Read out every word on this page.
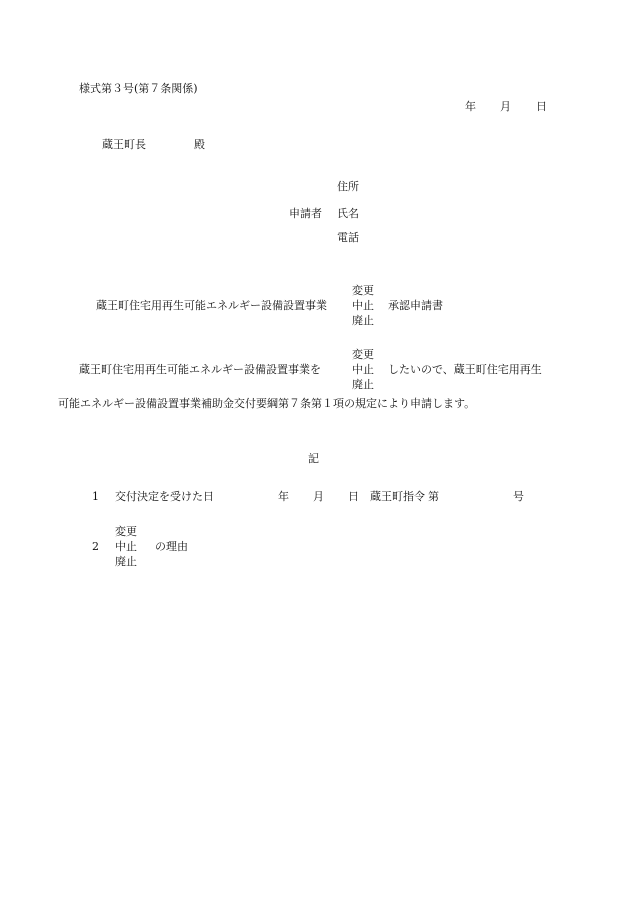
様式第３号(第７条関係)
年 月 日
蔵王町長	殿
住所
申請者 氏名
電話
蔵王町住宅用再生可能エネルギー設備設置事業
変更
中止
廃止
承認申請書
蔵王町住宅用再生可能エネルギー設備設置事業を
変更
中止
廃止
したいので、蔵王町住宅用再生
可能エネルギー設備設置事業補助金交付要綱第７条第１項の規定により申請します。
記
1 交付決定を受けた日	年 月 日 蔵王町指令 第	号
変更
2 中止 の理由
廃止
